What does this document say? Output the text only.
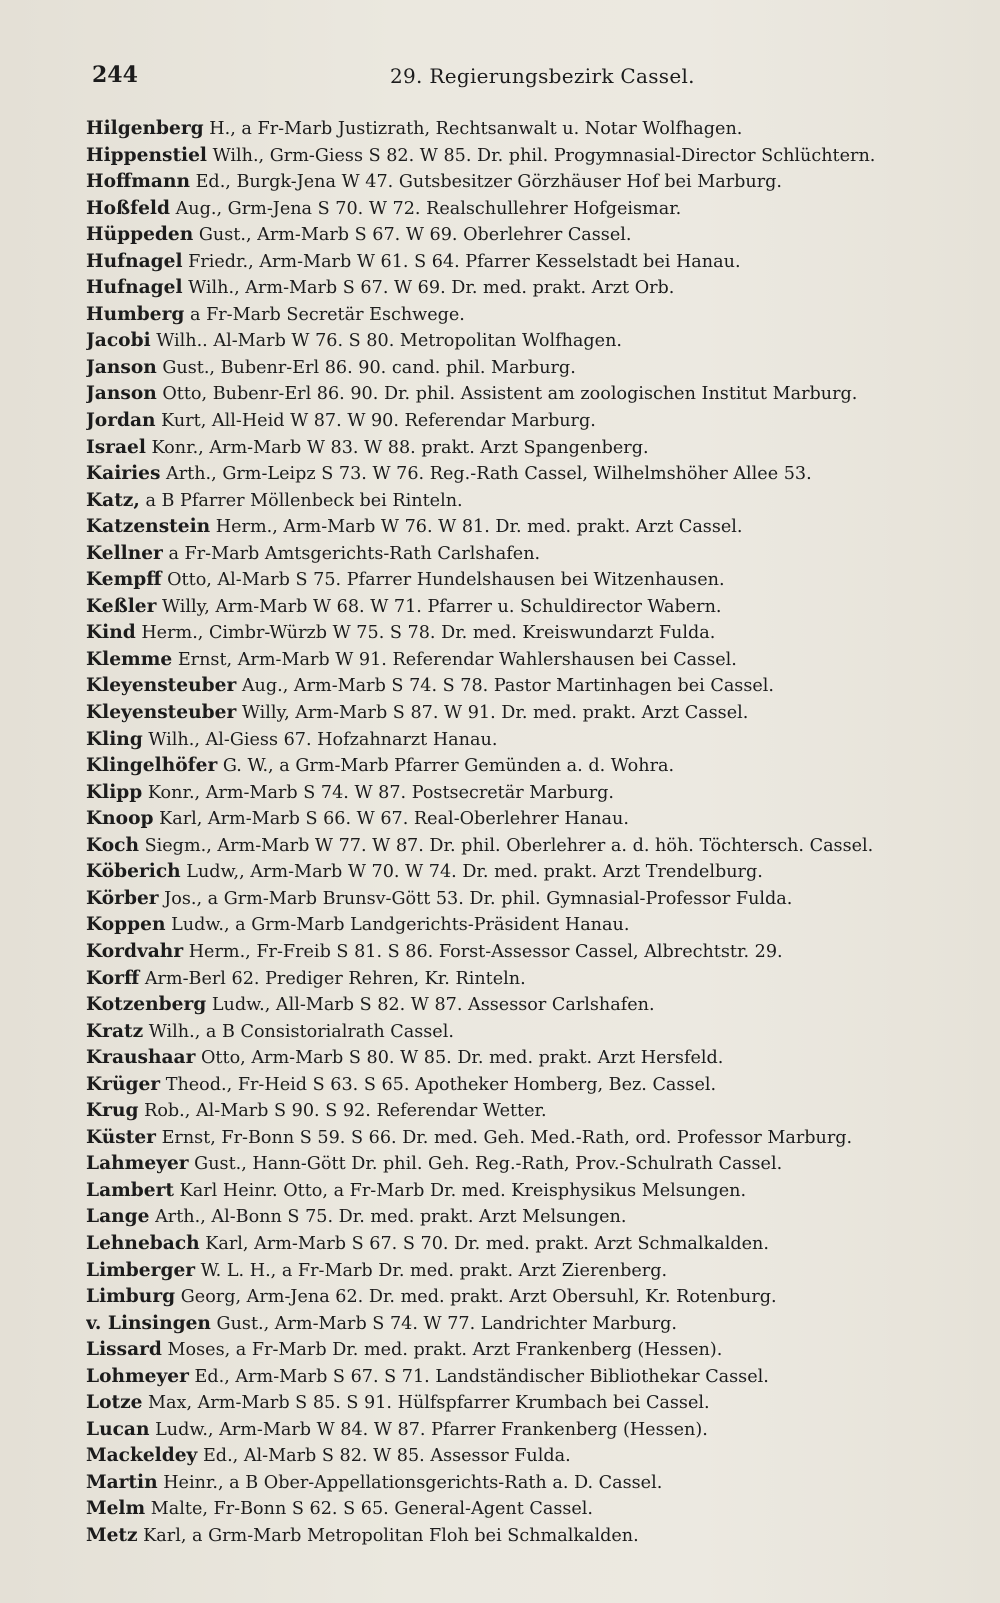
244	29. Regierungsbezirk Cassel.
Hilgenberg H., a Fr-Marb Justizrath, Rechtsanwalt u. Notar Wolfhagen.
Hippenstiel Wilh., Grm-Giess S 82. W 85. Dr. phil. Progymnasial-Director Schlüchtern.
Hoffmann Ed., Burgk-Jena W 47. Gutsbesitzer Görzhäuser Hof bei Marburg.
Hoßfeld Aug., Grm-Jena S 70. W 72. Realschullehrer Hofgeismar.
Hüppeden Gust., Arm-Marb S 67. W 69. Oberlehrer Cassel.
Hufnagel Friedr., Arm-Marb W 61. S 64. Pfarrer Kesselstadt bei Hanau.
Hufnagel Wilh., Arm-Marb S 67. W 69. Dr. med. prakt. Arzt Orb.
Humberg a Fr-Marb Secretär Eschwege.
Jacobi Wilh.. Al-Marb W 76. S 80. Metropolitan Wolfhagen.
Janson Gust., Bubenr-Erl 86. 90. cand. phil. Marburg.
Janson Otto, Bubenr-Erl 86. 90. Dr. phil. Assistent am zoologischen Institut Marburg.
Jordan Kurt, All-Heid W 87. W 90. Referendar Marburg.
Israel Konr., Arm-Marb W 83. W 88. prakt. Arzt Spangenberg.
Kairies Arth., Grm-Leipz S 73. W 76. Reg.-Rath Cassel, Wilhelmshöher Allee 53.
Katz, a B Pfarrer Möllenbeck bei Rinteln.
Katzenstein Herm., Arm-Marb W 76. W 81. Dr. med. prakt. Arzt Cassel.
Kellner a Fr-Marb Amtsgerichts-Rath Carlshafen.
Kempff Otto, Al-Marb S 75. Pfarrer Hundelshausen bei Witzenhausen.
Keßler Willy, Arm-Marb W 68. W 71. Pfarrer u. Schuldirector Wabern.
Kind Herm., Cimbr-Würzb W 75. S 78. Dr. med. Kreiswundarzt Fulda.
Klemme Ernst, Arm-Marb W 91. Referendar Wahlershausen bei Cassel.
Kleyensteuber Aug., Arm-Marb S 74. S 78. Pastor Martinhagen bei Cassel.
Kleyensteuber Willy, Arm-Marb S 87. W 91. Dr. med. prakt. Arzt Cassel.
Kling Wilh., Al-Giess 67. Hofzahnarzt Hanau.
Klingelhöfer G. W., a Grm-Marb Pfarrer Gemünden a. d. Wohra.
Klipp Konr., Arm-Marb S 74. W 87. Postsecretär Marburg.
Knoop Karl, Arm-Marb S 66. W 67. Real-Oberlehrer Hanau.
Koch Siegm., Arm-Marb W 77. W 87. Dr. phil. Oberlehrer a. d. höh. Töchtersch. Cassel.
Köberich Ludw,, Arm-Marb W 70. W 74. Dr. med. prakt. Arzt Trendelburg.
Körber Jos., a Grm-Marb Brunsv-Gött 53. Dr. phil. Gymnasial-Professor Fulda.
Koppen Ludw., a Grm-Marb Landgerichts-Präsident Hanau.
Kordvahr Herm., Fr-Freib S 81. S 86. Forst-Assessor Cassel, Albrechtstr. 29.
Korff Arm-Berl 62. Prediger Rehren, Kr. Rinteln.
Kotzenberg Ludw., All-Marb S 82. W 87. Assessor Carlshafen.
Kratz Wilh., a B Consistorialrath Cassel.
Kraushaar Otto, Arm-Marb S 80. W 85. Dr. med. prakt. Arzt Hersfeld.
Krüger Theod., Fr-Heid S 63. S 65. Apotheker Homberg, Bez. Cassel.
Krug Rob., Al-Marb S 90. S 92. Referendar Wetter.
Küster Ernst, Fr-Bonn S 59. S 66. Dr. med. Geh. Med.-Rath, ord. Professor Marburg.
Lahmeyer Gust., Hann-Gött Dr. phil. Geh. Reg.-Rath, Prov.-Schulrath Cassel.
Lambert Karl Heinr. Otto, a Fr-Marb Dr. med. Kreisphysikus Melsungen.
Lange Arth., Al-Bonn S 75. Dr. med. prakt. Arzt Melsungen.
Lehnebach Karl, Arm-Marb S 67. S 70. Dr. med. prakt. Arzt Schmalkalden.
Limberger W. L. H., a Fr-Marb Dr. med. prakt. Arzt Zierenberg.
Limburg Georg, Arm-Jena 62. Dr. med. prakt. Arzt Obersuhl, Kr. Rotenburg.
v. Linsingen Gust., Arm-Marb S 74. W 77. Landrichter Marburg.
Lissard Moses, a Fr-Marb Dr. med. prakt. Arzt Frankenberg (Hessen).
Lohmeyer Ed., Arm-Marb S 67. S 71. Landständischer Bibliothekar Cassel.
Lotze Max, Arm-Marb S 85. S 91. Hülfspfarrer Krumbach bei Cassel.
Lucan Ludw., Arm-Marb W 84. W 87. Pfarrer Frankenberg (Hessen).
Mackeldey Ed., Al-Marb S 82. W 85. Assessor Fulda.
Martin Heinr., a B Ober-Appellationsgerichts-Rath a. D. Cassel.
Melm Malte, Fr-Bonn S 62. S 65. General-Agent Cassel.
Metz Karl, a Grm-Marb Metropolitan Floh bei Schmalkalden.
